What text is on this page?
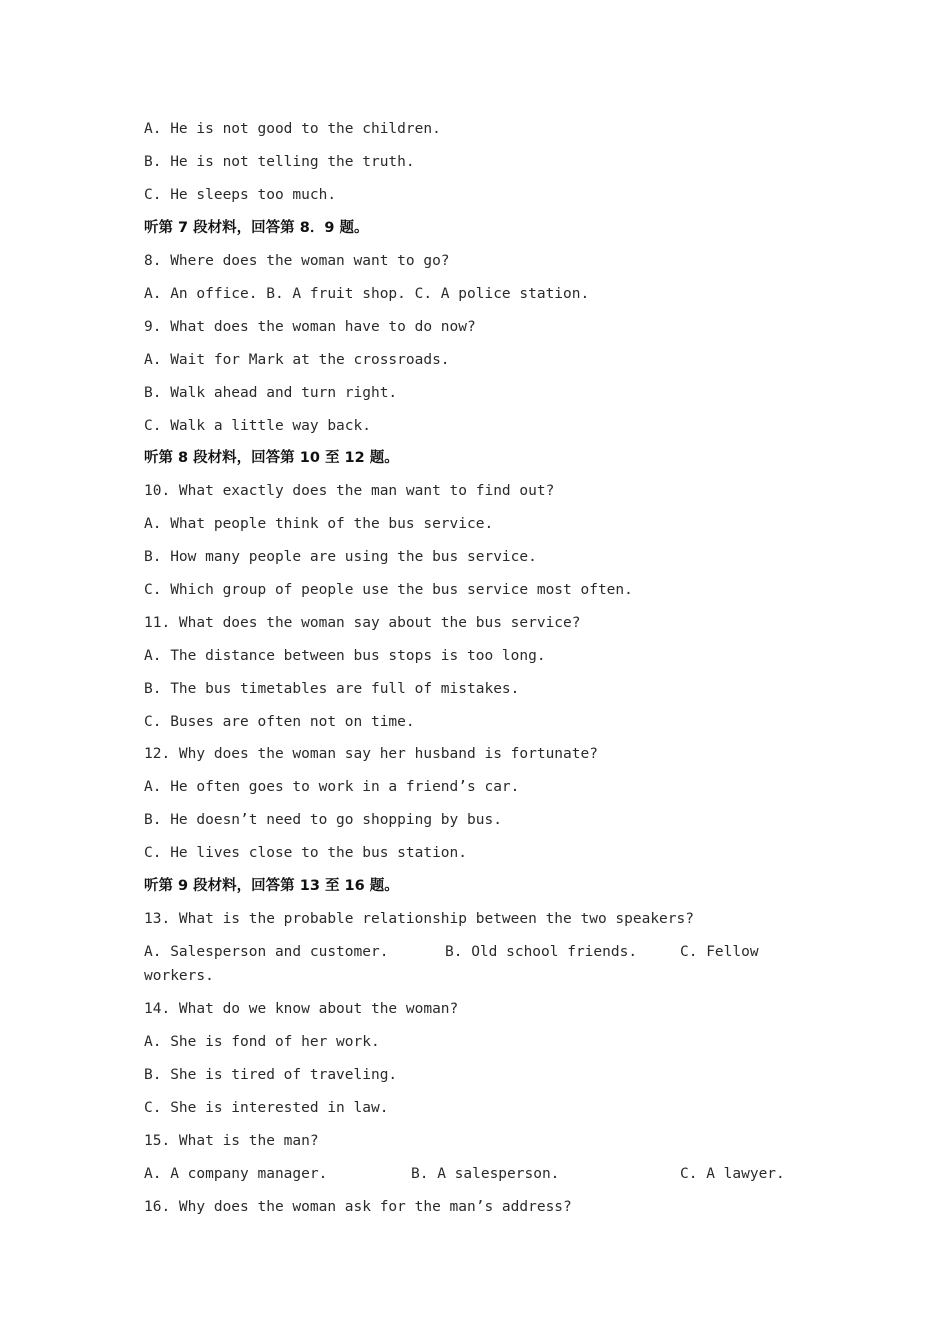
A. He is not good to the children.
B. He is not telling the truth.
C. He sleeps too much.
听第 7 段材料，回答第 8．9 题。
8. Where does the woman want to go?
A. An office. B. A fruit shop. C. A police station.
9. What does the woman have to do now?
A. Wait for Mark at the crossroads.
B. Walk ahead and turn right.
C. Walk a little way back.
听第 8 段材料，回答第 10 至 12 题。
10. What exactly does the man want to find out?
A. What people think of the bus service.
B. How many people are using the bus service.
C. Which group of people use the bus service most often.
11. What does the woman say about the bus service?
A. The distance between bus stops is too long.
B. The bus timetables are full of mistakes.
C. Buses are often not on time.
12. Why does the woman say her husband is fortunate?
A. He often goes to work in a friend’s car.
B. He doesn’t need to go shopping by bus.
C. He lives close to the bus station.
听第 9 段材料，回答第 13 至 16 题。
13. What is the probable relationship between the two speakers?
A. Salesperson and customer.	B. Old school friends.	C. Fellow
workers.
14. What do we know about the woman?
A. She is fond of her work.
B. She is tired of traveling.
C. She is interested in law.
15. What is the man?
A. A company manager.	B. A salesperson.	C. A lawyer.
16. Why does the woman ask for the man’s address?
